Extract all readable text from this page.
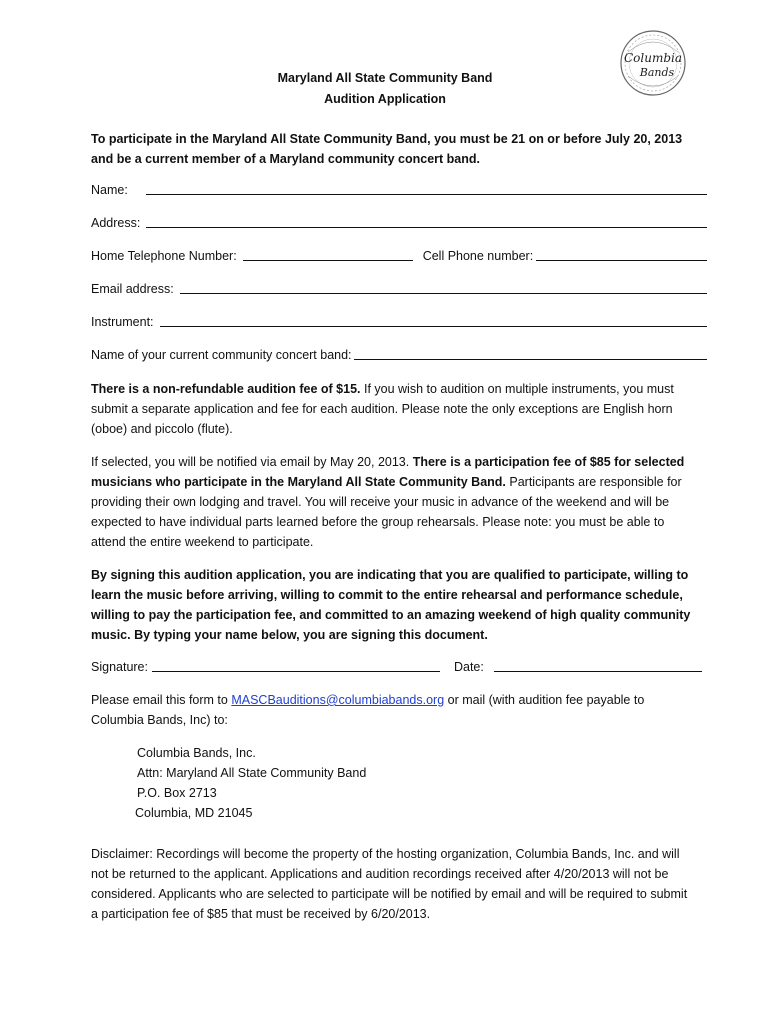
Columbia
Bands
Maryland All State Community Band
Audition Application
To participate in the Maryland All State Community Band, you must be 21 on or before July 20, 2013 and be a current member of a Maryland community concert band.
Name:
Address:
Home Telephone Number:	Cell Phone number:
Email address:
Instrument:
Name of your current community concert band:
There is a non-refundable audition fee of $15. If you wish to audition on multiple instruments, you must submit a separate application and fee for each audition. Please note the only exceptions are English horn (oboe) and piccolo (flute).
If selected, you will be notified via email by May 20, 2013. There is a participation fee of $85 for selected musicians who participate in the Maryland All State Community Band. Participants are responsible for providing their own lodging and travel. You will receive your music in advance of the weekend and will be expected to have individual parts learned before the group rehearsals. Please note: you must be able to attend the entire weekend to participate.
By signing this audition application, you are indicating that you are qualified to participate, willing to learn the music before arriving, willing to commit to the entire rehearsal and performance schedule, willing to pay the participation fee, and committed to an amazing weekend of high quality community music. By typing your name below, you are signing this document.
Signature:	Date:
Please email this form to MASCBauditions@columbiabands.org or mail (with audition fee payable to Columbia Bands, Inc) to:
Columbia Bands, Inc.
Attn: Maryland All State Community Band
P.O. Box 2713
Columbia, MD 21045
Disclaimer: Recordings will become the property of the hosting organization, Columbia Bands, Inc. and will not be returned to the applicant. Applications and audition recordings received after 4/20/2013 will not be considered. Applicants who are selected to participate will be notified by email and will be required to submit a participation fee of $85 that must be received by 6/20/2013.
